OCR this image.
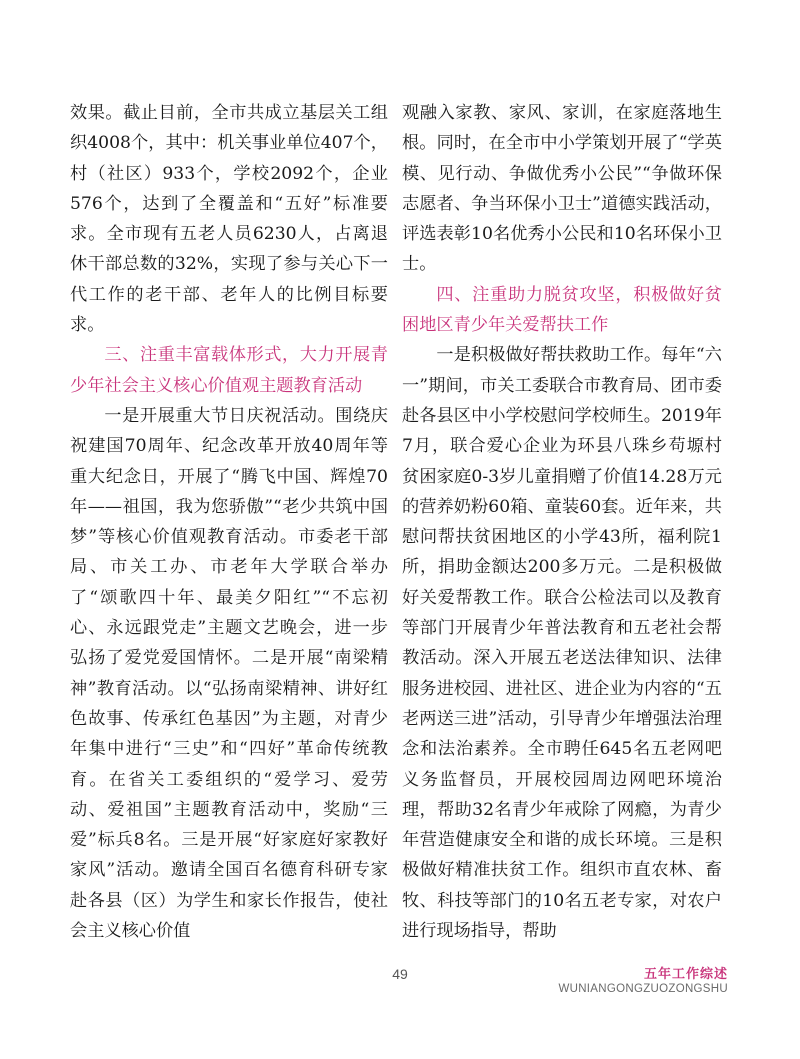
效果。截止目前，全市共成立基层关工组织4008个，其中：机关事业单位407个，村（社区）933个，学校2092个，企业576个，达到了全覆盖和“五好”标准要求。全市现有五老人员6230人，占离退休干部总数的32%，实现了参与关心下一代工作的老干部、老年人的比例目标要求。

三、注重丰富载体形式，大力开展青少年社会主义核心价值观主题教育活动

一是开展重大节日庆祝活动。围绕庆祝建国70周年、纪念改革开放40周年等重大纪念日，开展了“腾飞中国、辉煌70年——祖国，我为您骄傲”“老少共筑中国梦”等核心价值观教育活动。市委老干部局、市关工办、市老年大学联合举办了“颂歌四十年、最美夕阳红”“不忘初心、永远跟党走”主题文艺晚会，进一步弘扬了爱党爱国情怀。二是开展“南梁精神”教育活动。以“弘扬南梁精神、讲好红色故事、传承红色基因”为主题，对青少年集中进行“三史”和“四好”革命传统教育。在省关工委组织的“爱学习、爱劳动、爱祖国”主题教育活动中，奖励“三爱”标兵8名。三是开展“好家庭好家教好家风”活动。邀请全国百名德育科研专家赴各县（区）为学生和家长作报告，使社会主义核心价值

观融入家教、家风、家训，在家庭落地生根。同时，在全市中小学策划开展了“学英模、见行动、争做优秀小公民”“争做环保志愿者、争当环保小卫士”道德实践活动，评选表彰10名优秀小公民和10名环保小卫士。

四、注重助力脱贫攻坚，积极做好贫困地区青少年关爱帮扶工作

一是积极做好帮扶救助工作。每年“六一”期间，市关工委联合市教育局、团市委赴各县区中小学校慰问学校师生。2019年7月，联合爱心企业为环县八珠乡苟塬村贫困家庭0-3岁儿童捐赠了价值14.28万元的营养奶粉60箱、童装60套。近年来，共慰问帮扶贫困地区的小学43所，福利院1所，捐助金额达200多万元。二是积极做好关爱帮教工作。联合公检法司以及教育等部门开展青少年普法教育和五老社会帮教活动。深入开展五老送法律知识、法律服务进校园、进社区、进企业为内容的“五老两送三进”活动，引导青少年增强法治理念和法治素养。全市聘任645名五老网吧义务监督员，开展校园周边网吧环境治理，帮助32名青少年戒除了网瘾，为青少年营造健康安全和谐的成长环境。三是积极做好精准扶贫工作。组织市直农林、畜牧、科技等部门的10名五老专家，对农户进行现场指导，帮助

49	五年工作综述
WUNIANGONGZUOZONGSHU
